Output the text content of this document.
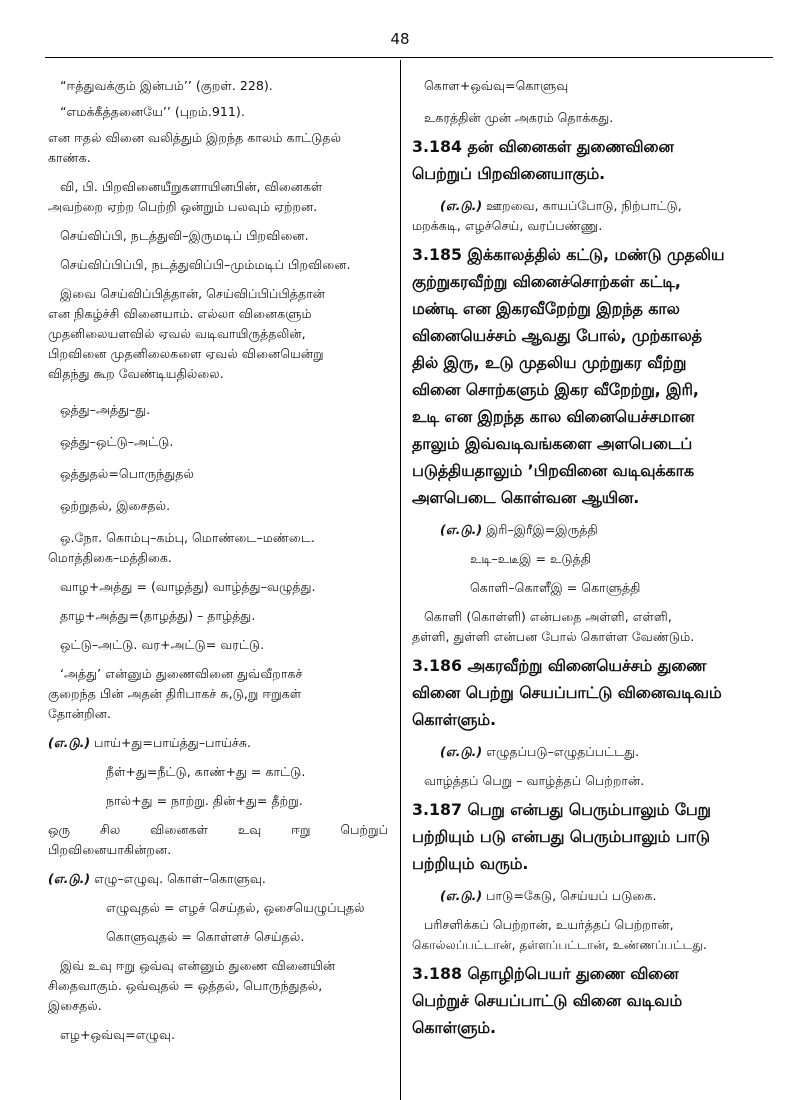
48

“ஈத்துவக்கும் இன்பம்’’ (குறள். 228).

“எமக்கீத்தனையே’’ (புறம்.911).

என ஈதல் வினை வலித்தும் இறந்த காலம் காட்டுதல்

காண்க.

வி, பி. பிறவினையீறுகளாயினபின், வினைகள்

அவற்றை ஏற்ற பெற்றி ஒன்றும் பலவும் ஏற்றன.

செய்விப்பி, நடத்துவி–இருமடிப் பிறவினை.

செய்விப்பிப்பி, நடத்துவிப்பி–மும்மடிப் பிறவினை.

இவை செய்விப்பித்தான், செய்விப்பிப்பித்தான்

என நிகழ்ச்சி வினையாம். எல்லா வினைகளும்

முதனிலையளவில் ஏவல் வடிவாயிருத்தலின்,

பிறவினை முதனிலைகளை ஏவல் வினையென்று

விதந்து கூற வேண்டியதில்லை.

ஒத்து–அத்து–து.

ஒத்து–ஒட்டு–அட்டு.

ஒத்துதல்=பொருந்துதல்

ஒற்றுதல், இசைதல்.

ஒ.நோ. கொம்பு–கம்பு, மொண்டை–மண்டை.

மொத்திகை–மத்திகை.

வாழ+அத்து = (வாழத்து) வாழ்த்து–வழுத்து.

தாழ+அத்து=(தாழத்து) – தாழ்த்து.

ஒட்டு–அட்டு. வர+அட்டு= வரட்டு.

‘அத்து’ என்னும் துணைவினை துவ்வீறாகச்

குறைந்த பின் அதன் திரிபாகச் சு,டு,று ஈறுகள்

தோன்றின.

(எ.டு.) பாய்+து=பாய்த்து–பாய்ச்சு.

நீள்+து=நீட்டு, காண்+து = காட்டு.

நால்+து = நாற்று. தின்+து= தீற்று.

ஒரு சில வினைகள் உவு ஈறு பெற்றுப்

பிறவினையாகின்றன.

(எ.டு.) எழு–எழுவு. கொள்–கொளுவு.

எழுவுதல் = எழச் செய்தல், ஒசையெழுப்புதல்

கொளுவுதல் = கொள்ளச் செய்தல்.

இவ் உவு ஈறு ஒவ்வு என்னும் துணை வினையின்

சிதைவாகும். ஒவ்வுதல் = ஒத்தல், பொருந்துதல்,

இசைதல்.

எழ+ஒவ்வு=எழுவு.

கொள+ஒவ்வு=கொளுவு

உகரத்தின் முன் அகரம் தொக்கது.

3.184 தன் வினைகள் துணைவினை

பெற்றுப் பிறவினையாகும்.

(எ.டு.) ஊறவை, காயப்போடு, நிற்பாட்டு,

மறக்கடி, எழச்செய், வரப்பண்ணு.

3.185 இக்காலத்தில் கட்டு, மண்டு முதலிய

குற்றுகரவீற்று வினைச்சொற்கள் கட்டி,

மண்டி என இகரவீறேற்று இறந்த கால

வினையெச்சம் ஆவது போல், முற்காலத்

தில் இரு, உடு முதலிய முற்றுகர வீற்று

வினை சொற்களும் இகர வீறேற்று, இரி,

உடி என இறந்த கால வினையெச்சமான

தாலும் இவ்வடிவங்களை அளபெடைப்

படுத்தியதாலும் ’பிறவினை வடிவுக்காக

அளபெடை கொள்வன ஆயின.

(எ.டு.) இரி–இரீஇ=இருத்தி

உடி–உடீஇ = உடுத்தி

கொளி–கொளீஇ = கொளுத்தி

கொளி (கொள்ளி) என்பதை அள்ளி, எள்ளி,

தள்ளி, துள்ளி என்பன போல் கொள்ள வேண்டும்.

3.186 அகரவீற்று வினையெச்சம் துணை

வினை பெற்று செயப்பாட்டு வினைவடிவம்

கொள்ளும்.

(எ.டு.) எழுதப்படு–எழுதப்பட்டது.

வாழ்த்தப் பெறு – வாழ்த்தப் பெற்றான்.

3.187 பெறு என்பது பெரும்பாலும் பேறு

பற்றியும் படு என்பது பெரும்பாலும் பாடு

பற்றியும் வரும்.

(எ.டு.) பாடு=கேடு, செய்யப் படுகை.

பரிசளிக்கப் பெற்றான், உயர்த்தப் பெற்றான்,

கொல்லப்பட்டான், தள்ளப்பட்டான், உண்ணப்பட்டது.

3.188 தொழிற்பெயர் துணை வினை

பெற்றுச் செயப்பாட்டு வினை வடிவம்

கொள்ளும்.
